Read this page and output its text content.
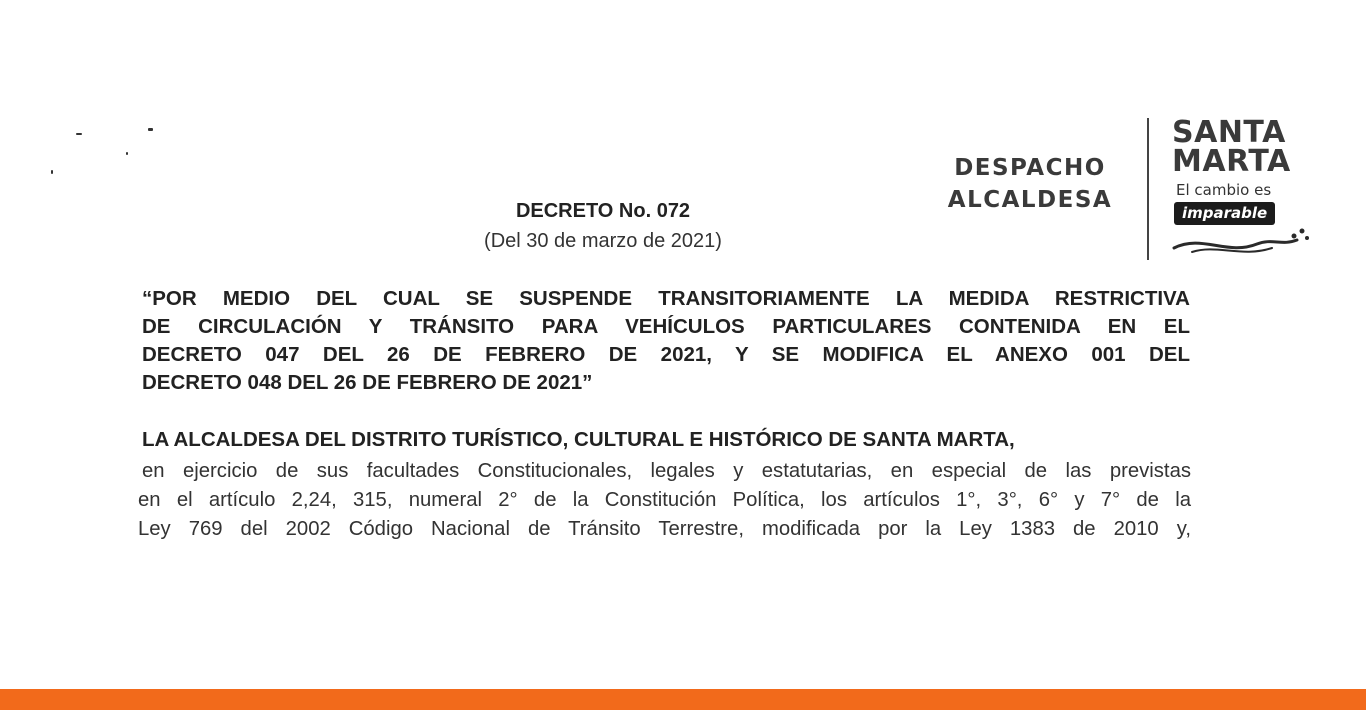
DESPACHO
ALCALDESA
SANTA
MARTA
El cambio es
imparable
DECRETO No. 072
(Del 30 de marzo de 2021)

“POR MEDIO DEL CUAL SE SUSPENDE TRANSITORIAMENTE LA MEDIDA RESTRICTIVA

DE CIRCULACIÓN Y TRÁNSITO PARA VEHÍCULOS PARTICULARES CONTENIDA EN EL

DECRETO 047 DEL 26 DE FEBRERO DE 2021, Y SE MODIFICA EL ANEXO 001 DEL

DECRETO 048 DEL 26 DE FEBRERO DE 2021”

LA ALCALDESA DEL DISTRITO TURÍSTICO, CULTURAL E HISTÓRICO DE SANTA MARTA,

en ejercicio de sus facultades Constitucionales, legales y estatutarias, en especial de las previstas

en el artículo 2,24, 315, numeral 2° de la Constitución Política, los artículos 1°, 3°, 6° y 7° de la

Ley 769 del 2002 Código Nacional de Tránsito Terrestre, modificada por la Ley 1383 de 2010 y,
